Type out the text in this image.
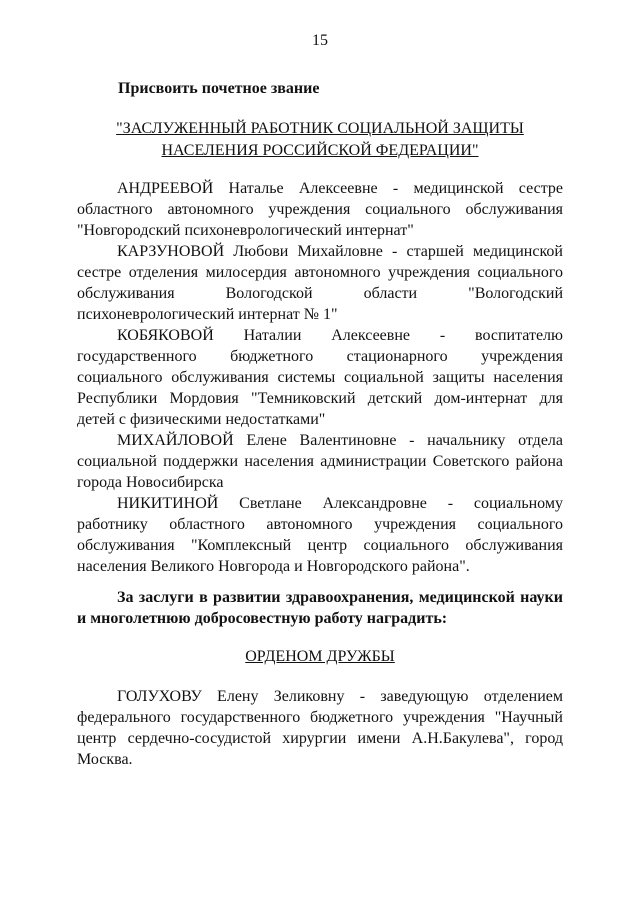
15
Присвоить почетное звание
"ЗАСЛУЖЕННЫЙ РАБОТНИК СОЦИАЛЬНОЙ ЗАЩИТЫ
НАСЕЛЕНИЯ РОССИЙСКОЙ ФЕДЕРАЦИИ"

АНДРЕЕВОЙ Наталье Алексеевне - медицинской сестре областного автономного учреждения социального обслуживания "Новгородский психоневрологический интернат"

КАРЗУНОВОЙ Любови Михайловне - старшей медицинской сестре отделения милосердия автономного учреждения социального обслуживания Вологодской области "Вологодский психоневрологический интернат № 1"

КОБЯКОВОЙ Наталии Алексеевне - воспитателю государственного бюджетного стационарного учреждения социального обслуживания системы социальной защиты населения Республики Мордовия "Темниковский детский дом-интернат для детей с физическими недостатками"

МИХАЙЛОВОЙ Елене Валентиновне - начальнику отдела социальной поддержки населения администрации Советского района города Новосибирска

НИКИТИНОЙ Светлане Александровне - социальному работнику областного автономного учреждения социального обслуживания "Комплексный центр социального обслуживания населения Великого Новгорода и Новгородского района".

За заслуги в развитии здравоохранения, медицинской науки и многолетнюю добросовестную работу наградить:

ОРДЕНОМ ДРУЖБЫ

ГОЛУХОВУ Елену Зеликовну - заведующую отделением федерального государственного бюджетного учреждения "Научный центр сердечно-сосудистой хирургии имени А.Н.Бакулева", город Москва.
